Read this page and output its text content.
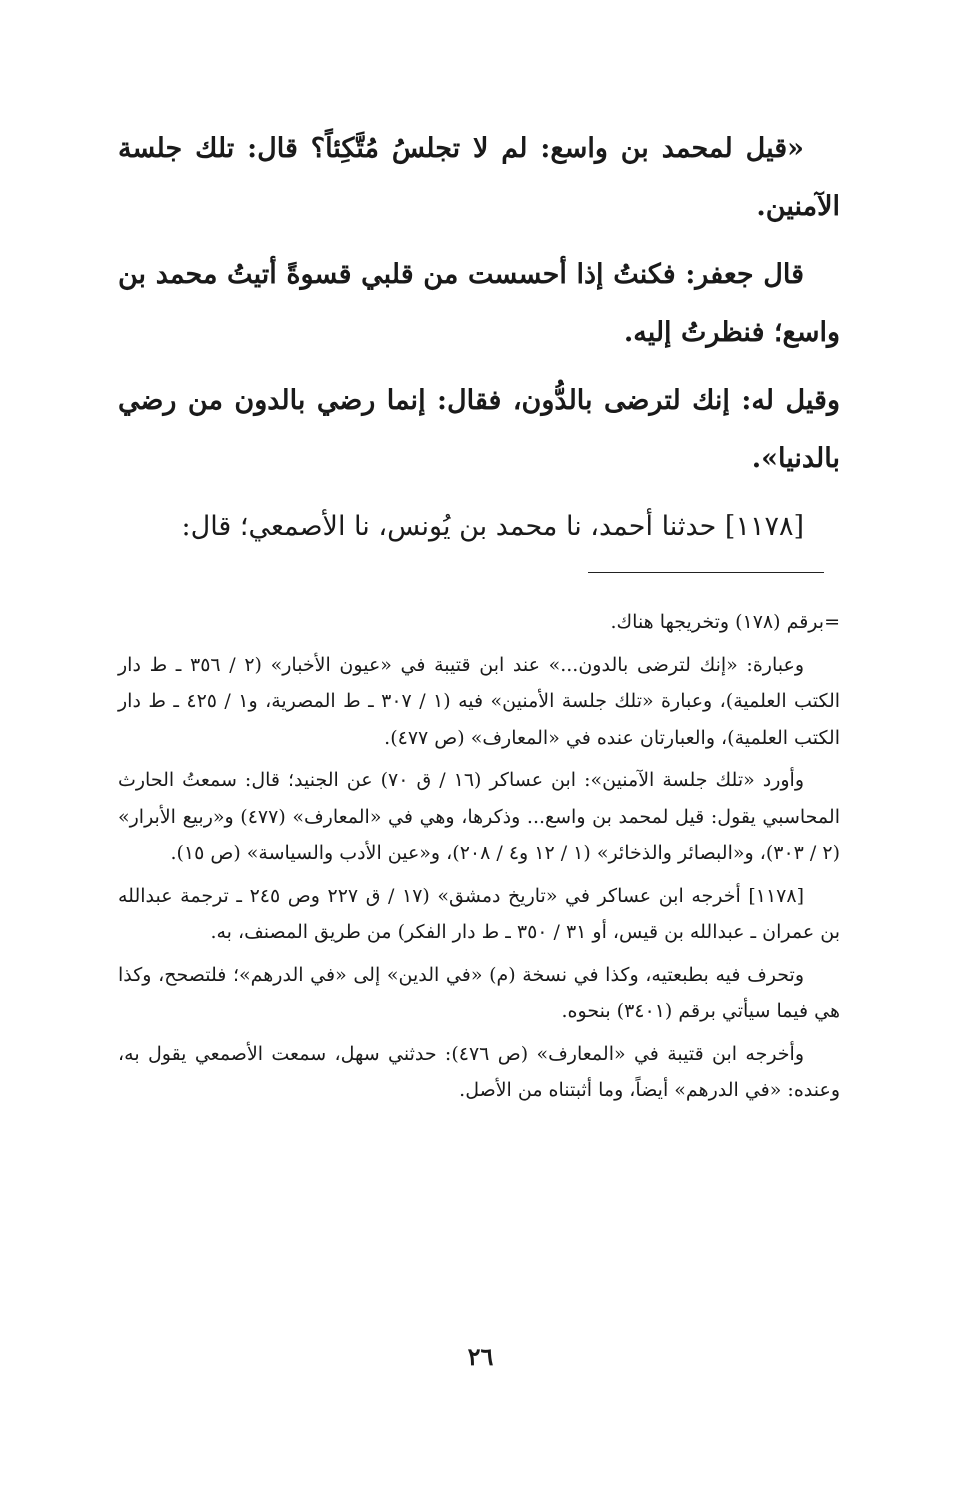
«قيل لمحمد بن واسع: لم لا تجلسُ مُتَّكِئاً؟ قال: تلك جلسة الآمنين.

قال جعفر: فكنتُ إذا أحسست من قلبي قسوةً أتيتُ محمد بن واسع؛ فنظرتُ إليه.

وقيل له: إنك لترضى بالدُّون، فقال: إنما رضي بالدون من رضي بالدنيا».

[١١٧٨] حدثنا أحمد، نا محمد بن يُونس، نا الأصمعي؛ قال:

=برقم (١٧٨) وتخريجها هناك.

وعبارة: «إنك لترضى بالدون...» عند ابن قتيبة في «عيون الأخبار» (٢ / ٣٥٦ ـ ط دار الكتب العلمية)، وعبارة «تلك جلسة الأمنين» فيه (١ / ٣٠٧ ـ ط المصرية، و١ / ٤٢٥ ـ ط دار الكتب العلمية)، والعبارتان عنده في «المعارف» (ص ٤٧٧).

وأورد «تلك جلسة الآمنين»: ابن عساكر (١٦ / ق ٧٠) عن الجنيد؛ قال: سمعتُ الحارث المحاسبي يقول: قيل لمحمد بن واسع... وذكرها، وهي في «المعارف» (٤٧٧) و«ربيع الأبرار» (٢ / ٣٠٣)، و«البصائر والذخائر» (١ / ١٢ و٤ / ٢٠٨)، و«عين الأدب والسياسة» (ص ١٥).

[١١٧٨] أخرجه ابن عساكر في «تاريخ دمشق» (١٧ / ق ٢٢٧ وص ٢٤٥ ـ ترجمة عبدالله بن عمران ـ عبدالله بن قيس، أو ٣١ / ٣٥٠ ـ ط دار الفكر) من طريق المصنف، به.

وتحرف فيه بطبعتيه، وكذا في نسخة (م) «في الدين» إلى «في الدرهم»؛ فلتصحح، وكذا هي فيما سيأتي برقم (٣٤٠١) بنحوه.

وأخرجه ابن قتيبة في «المعارف» (ص ٤٧٦): حدثني سهل، سمعت الأصمعي يقول به، وعنده: «في الدرهم» أيضاً، وما أثبتناه من الأصل.

٢٦
